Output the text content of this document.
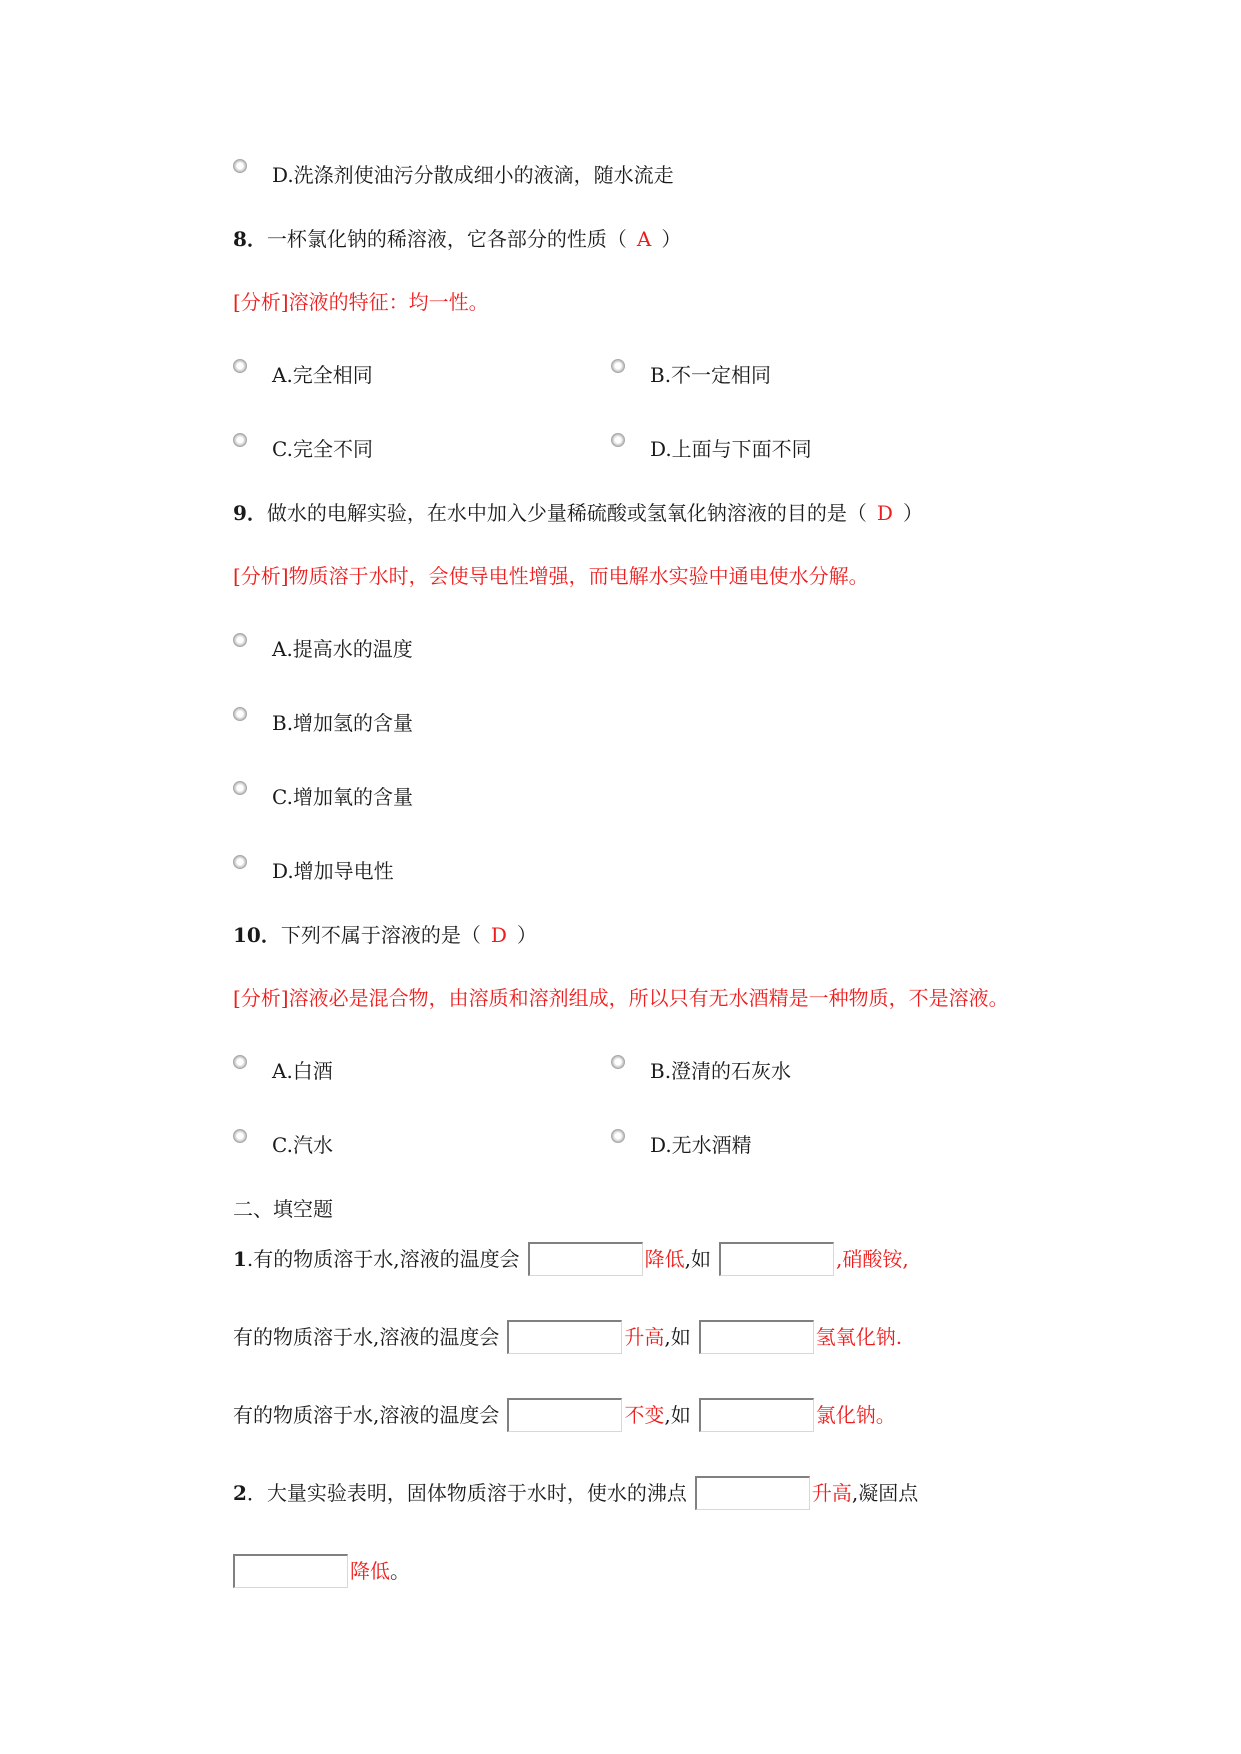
D.洗涤剂使油污分散成细小的液滴，随水流走
8．一杯氯化钠的稀溶液，它各部分的性质（ A ）
[分析]溶液的特征：均一性。
A.完全相同	B.不一定相同
C.完全不同	D.上面与下面不同
9．做水的电解实验，在水中加入少量稀硫酸或氢氧化钠溶液的目的是（ D ）
[分析]物质溶于水时，会使导电性增强，而电解水实验中通电使水分解。
A.提高水的温度
B.增加氢的含量
C.增加氧的含量
D.增加导电性
10．下列不属于溶液的是（ D ）
[分析]溶液必是混合物，由溶质和溶剂组成，所以只有无水酒精是一种物质，不是溶液。
A.白酒	B.澄清的石灰水
C.汽水	D.无水酒精
二、填空题
1.有的物质溶于水,溶液的温度会	降低,如	,硝酸铵,
有的物质溶于水,溶液的温度会	升高,如	氢氧化钠.
有的物质溶于水,溶液的温度会	不变,如	氯化钠。
2．大量实验表明，固体物质溶于水时，使水的沸点	升高,凝固点
降低。
